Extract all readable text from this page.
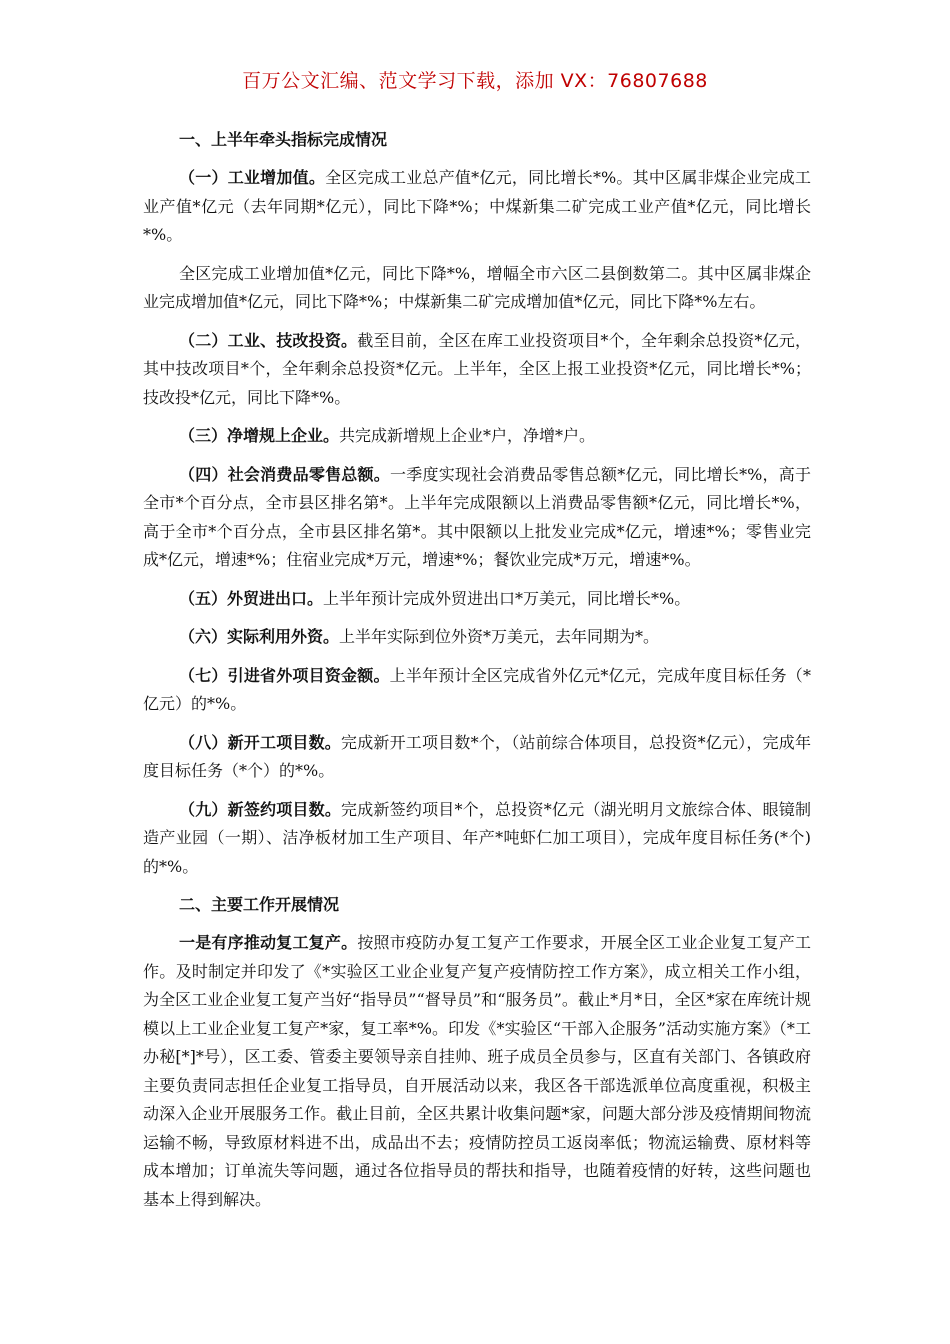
百万公文汇编、范文学习下载，添加 VX：76807688
一、上半年牵头指标完成情况

（一）工业增加值。全区完成工业总产值*亿元，同比增长*%。其中区属非煤企业完成工业产值*亿元（去年同期*亿元），同比下降*%；中煤新集二矿完成工业产值*亿元，同比增长*%。

全区完成工业增加值*亿元，同比下降*%，增幅全市六区二县倒数第二。其中区属非煤企业完成增加值*亿元，同比下降*%；中煤新集二矿完成增加值*亿元，同比下降*%左右。

（二）工业、技改投资。截至目前，全区在库工业投资项目*个，全年剩余总投资*亿元，其中技改项目*个，全年剩余总投资*亿元。上半年，全区上报工业投资*亿元，同比增长*%；技改投*亿元，同比下降*%。

（三）净增规上企业。共完成新增规上企业*户，净增*户。

（四）社会消费品零售总额。一季度实现社会消费品零售总额*亿元，同比增长*%，高于全市*个百分点，全市县区排名第*。上半年完成限额以上消费品零售额*亿元，同比增长*%，高于全市*个百分点，全市县区排名第*。其中限额以上批发业完成*亿元，增速*%；零售业完成*亿元，增速*%；住宿业完成*万元，增速*%；餐饮业完成*万元，增速*%。

（五）外贸进出口。上半年预计完成外贸进出口*万美元，同比增长*%。

（六）实际利用外资。上半年实际到位外资*万美元，去年同期为*。

（七）引进省外项目资金额。上半年预计全区完成省外亿元*亿元，完成年度目标任务（*亿元）的*%。

（八）新开工项目数。完成新开工项目数*个，（站前综合体项目，总投资*亿元），完成年度目标任务（*个）的*%。

（九）新签约项目数。完成新签约项目*个，总投资*亿元（湖光明月文旅综合体、眼镜制造产业园（一期）、洁净板材加工生产项目、年产*吨虾仁加工项目），完成年度目标任务(*个)的*%。

二、主要工作开展情况

一是有序推动复工复产。按照市疫防办复工复产工作要求，开展全区工业企业复工复产工作。及时制定并印发了《*实验区工业企业复产复产疫情防控工作方案》，成立相关工作小组，为全区工业企业复工复产当好“指导员”“督导员”和“服务员”。截止*月*日，全区*家在库统计规模以上工业企业复工复产*家，复工率*%。印发《*实验区“干部入企服务”活动实施方案》（*工办秘[*]*号），区工委、管委主要领导亲自挂帅、班子成员全员参与，区直有关部门、各镇政府主要负责同志担任企业复工指导员，自开展活动以来，我区各干部选派单位高度重视，积极主动深入企业开展服务工作。截止目前，全区共累计收集问题*家，问题大部分涉及疫情期间物流运输不畅，导致原材料进不出，成品出不去；疫情防控员工返岗率低；物流运输费、原材料等成本增加；订单流失等问题，通过各位指导员的帮扶和指导，也随着疫情的好转，这些问题也基本上得到解决。
